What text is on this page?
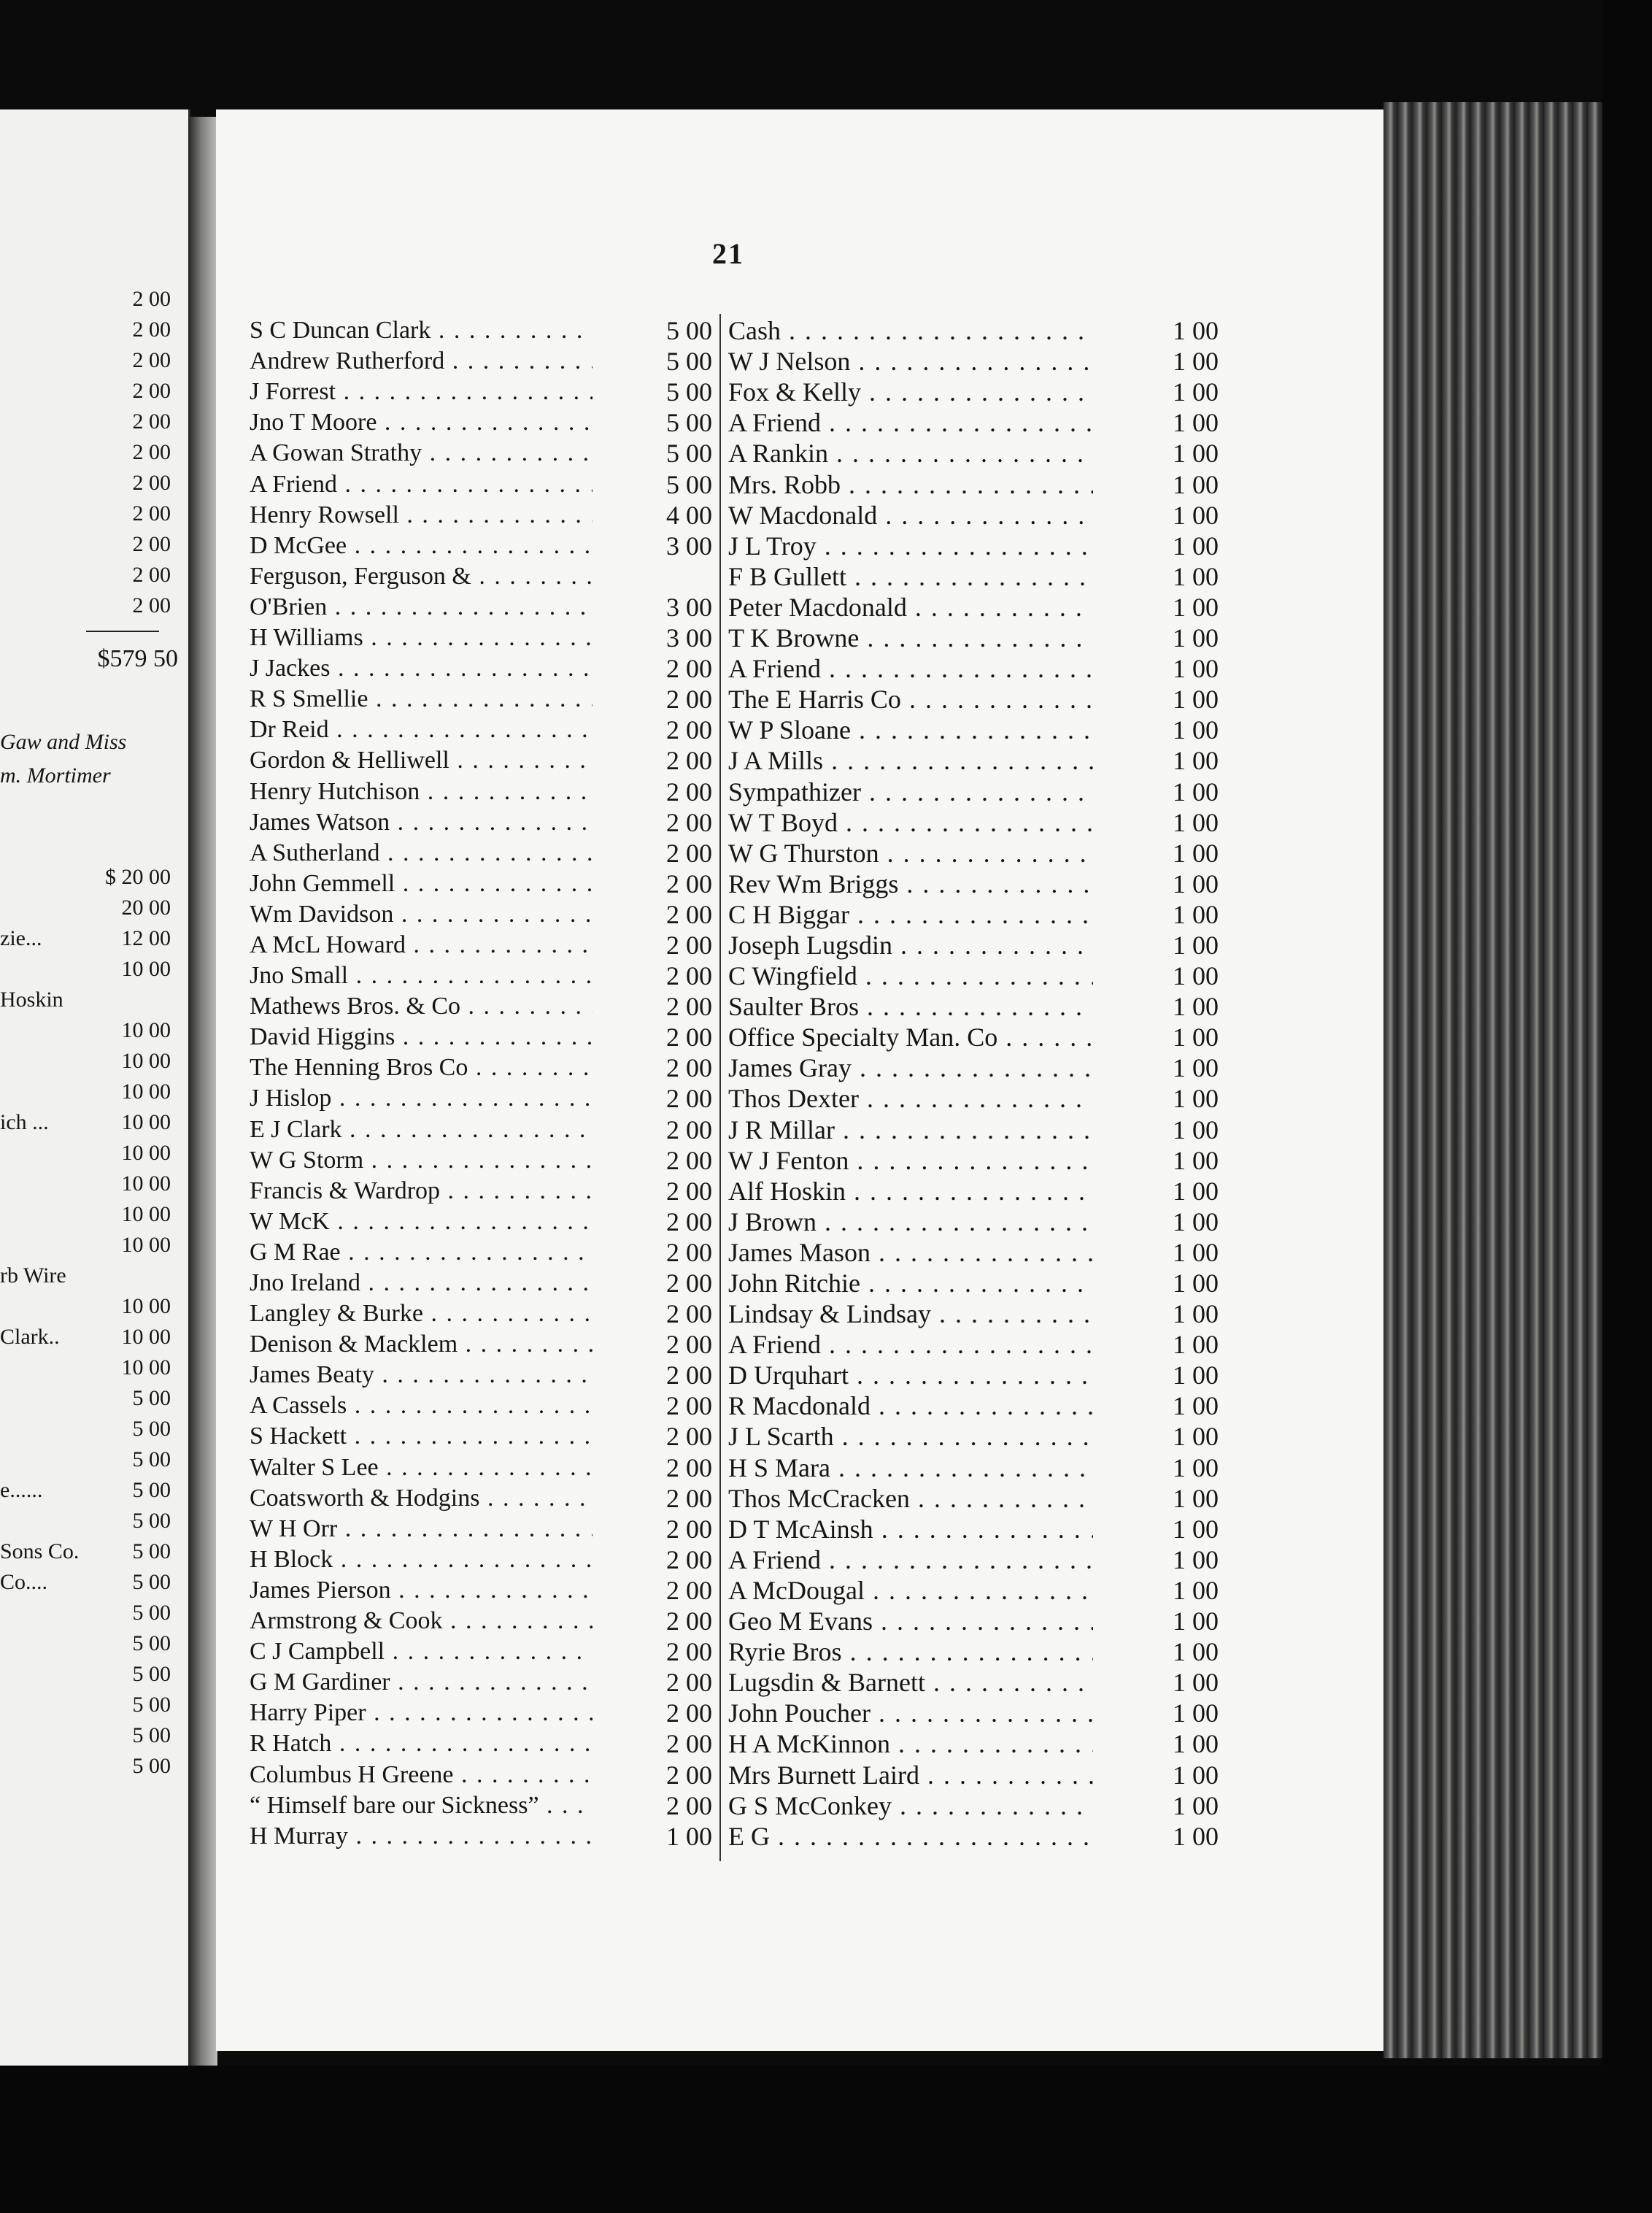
2 00
2 00
2 00
2 00
2 00
2 00
2 00
2 00
2 00
2 00
2 00
$579 50
Gaw and Miss
m. Mortimer
$ 20 00
20 00
zie...	12 00
10 00
Hoskin
10 00
10 00
10 00
ich ...	10 00
10 00
10 00
10 00
10 00
rb Wire
10 00
Clark..	10 00
10 00
5 00
5 00
5 00
e......	5 00
5 00
Sons Co. 5 00
Co....	5 00
5 00
5 00
5 00
5 00
5 00
5 00
21
S C Duncan Clark . . .	5 00
Andrew Rutherford . . .	5 00
J Forrest . . .	5 00
Jno T Moore . . .	5 00
A Gowan Strathy . . .	5 00
A Friend . . .	5 00
Henry Rowsell . . .	4 00
D McGee . . .	3 00
Ferguson, Ferguson & . . .
O'Brien . . .	3 00
H Williams . . .	3 00
J Jackes . . .	2 00
R S Smellie . . .	2 00
Dr Reid . . .	2 00
Gordon & Helliwell . . .	2 00
Henry Hutchison . . .	2 00
James Watson . . .	2 00
A Sutherland . . .	2 00
John Gemmell . . .	2 00
Wm Davidson . . .	2 00
A McL Howard . . .	2 00
Jno Small . . .	2 00
Mathews Bros. & Co . . .	2 00
David Higgins . . .	2 00
The Henning Bros Co . . .	2 00
J Hislop . . .	2 00
E J Clark . . .	2 00
W G Storm . . .	2 00
Francis & Wardrop . . .	2 00
W McK . . .	2 00
G M Rae . . .	2 00
Jno Ireland . . .	2 00
Langley & Burke . . .	2 00
Denison & Macklem . . .	2 00
James Beaty . . .	2 00
A Cassels . . .	2 00
S Hackett . . .	2 00
Walter S Lee . . .	2 00
Coatsworth & Hodgins . . .	2 00
W H Orr . . .	2 00
H Block . . .	2 00
James Pierson . . .	2 00
Armstrong & Cook . . .	2 00
C J Campbell . . .	2 00
G M Gardiner . . .	2 00
Harry Piper . . .	2 00
R Hatch . . .	2 00
Columbus H Greene . . .	2 00
“ Himself bare our Sickness” . . .	2 00
H Murray . . .	1 00
Cash . . .	1 00
W J Nelson . . .	1 00
Fox & Kelly . . .	1 00
A Friend . . .	1 00
A Rankin . . .	1 00
Mrs. Robb . . .	1 00
W Macdonald . . .	1 00
J L Troy . . .	1 00
F B Gullett . . .	1 00
Peter Macdonald . . .	1 00
T K Browne . . .	1 00
A Friend . . .	1 00
The E Harris Co . . .	1 00
W P Sloane . . .	1 00
J A Mills . . .	1 00
Sympathizer . . .	1 00
W T Boyd . . .	1 00
W G Thurston . . .	1 00
Rev Wm Briggs . . .	1 00
C H Biggar . . .	1 00
Joseph Lugsdin . . .	1 00
C Wingfield . . .	1 00
Saulter Bros . . .	1 00
Office Specialty Man. Co . . .	1 00
James Gray . . .	1 00
Thos Dexter . . .	1 00
J R Millar . . .	1 00
W J Fenton . . .	1 00
Alf Hoskin . . .	1 00
J Brown . . .	1 00
James Mason . . .	1 00
John Ritchie . . .	1 00
Lindsay & Lindsay . . .	1 00
A Friend . . .	1 00
D Urquhart . . .	1 00
R Macdonald . . .	1 00
J L Scarth . . .	1 00
H S Mara . . .	1 00
Thos McCracken . . .	1 00
D T McAinsh . . .	1 00
A Friend . . .	1 00
A McDougal . . .	1 00
Geo M Evans . . .	1 00
Ryrie Bros . . .	1 00
Lugsdin & Barnett . . .	1 00
John Poucher . . .	1 00
H A McKinnon . . .	1 00
Mrs Burnett Laird . . .	1 00
G S McConkey . . .	1 00
E G . . .	1 00
